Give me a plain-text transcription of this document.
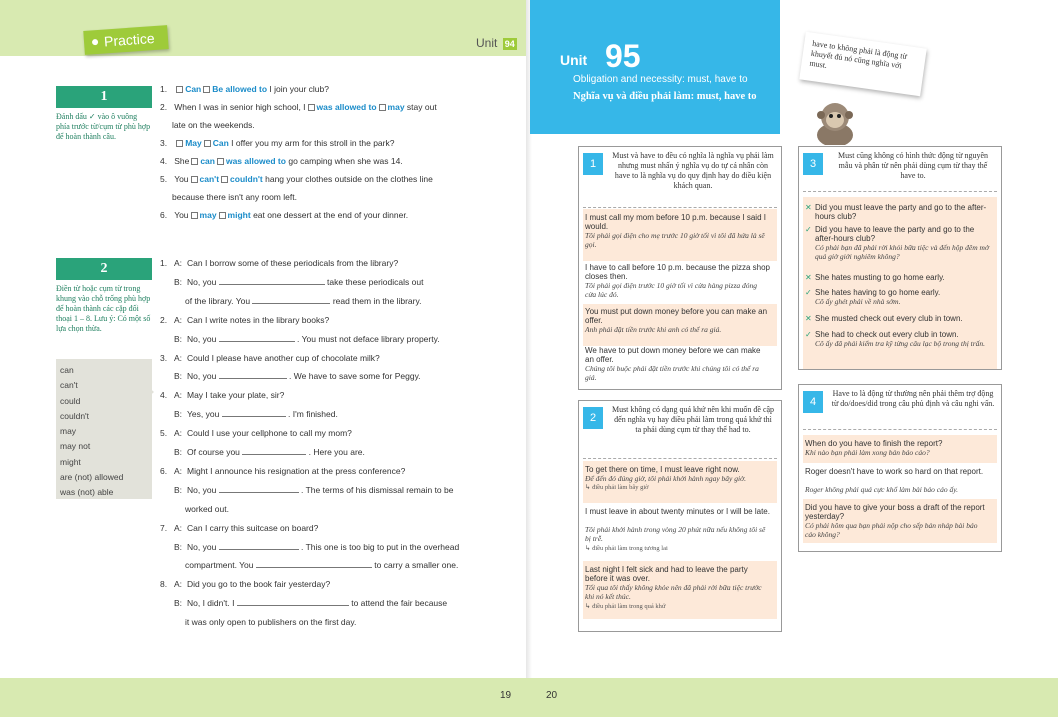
Practice	Unit 94
1
Đánh dấu ✓ vào ô vuông phía trước từ/cụm từ phù hợp để hoàn thành câu.
1. Can Be allowed to I join your club?
2. When I was in senior high school, I was allowed to may stay out
late on the weekends.
3. May Can I offer you my arm for this stroll in the park?
4. She can was allowed to go camping when she was 14.
5. You can't couldn't hang your clothes outside on the clothes line
because there isn't any room left.
6. You may might eat one dessert at the end of your dinner.
2
Điền từ hoặc cụm từ trong khung vào chỗ trống phù hợp để hoàn thành các cặp đối thoại 1 – 8. Lưu ý: Có một số lựa chọn thừa.
can
can't
could
couldn't
may
may not
might
are (not) allowed
was (not) able
1. A: Can I borrow some of these periodicals from the library?
B: No, you	take these periodicals out
of the library. You	read them in the library.
2. A: Can I write notes in the library books?
B: No, you	. You must not deface library property.
3. A: Could I please have another cup of chocolate milk?
B: No, you	. We have to save some for Peggy.
4. A: May I take your plate, sir?
B: Yes, you	. I'm finished.
5. A: Could I use your cellphone to call my mom?
B: Of course you	. Here you are.
6. A: Might I announce his resignation at the press conference?
B: No, you	. The terms of his dismissal remain to be
worked out.
7. A: Can I carry this suitcase on board?
B: No, you	. This one is too big to put in the overhead
compartment. You	to carry a smaller one.
8. A: Did you go to the book fair yesterday?
B: No, I didn't. I	to attend the fair because
it was only open to publishers on the first day.
Unit 95
Obligation and necessity: must, have to
Nghĩa vụ và điều phải làm: must, have to
have to không phải là động từ khuyết đủ nó cũng nghĩa với must.
1
Must và have to đều có nghĩa là nghĩa vụ phải làm nhưng must nhấn ý nghĩa vụ do tự cá nhân còn have to là nghĩa vụ do quy định hay do điều kiện khách quan.
I must call my mom before 10 p.m. because I said I would.
Tôi phải gọi điện cho mẹ trước 10 giờ tối vì tôi đã hứa là sẽ gọi.
I have to call before 10 p.m. because the pizza shop closes then.
Tôi phải gọi điện trước 10 giờ tối vì cửa hàng pizza đóng cửa lúc đó.
You must put down money before you can make an offer.
Anh phải đặt tiền trước khi anh có thể ra giá.
We have to put down money before we can make an offer.
Chúng tôi buộc phải đặt tiền trước khi chúng tôi có thể ra giá.
2
Must không có dạng quá khứ nên khi muốn đề cập đến nghĩa vụ hay điều phải làm trong quá khứ thì ta phải dùng cụm từ thay thế had to.
To get there on time, I must leave right now.
Để đến đó đúng giờ, tôi phải khởi hành ngay bây giờ.
↳ điều phải làm bây giờ
I must leave in about twenty minutes or I will be late.
Tôi phải khởi hành trong vòng 20 phút nữa nếu không tôi sẽ bị trễ.
↳ điều phải làm trong tương lai
Last night I felt sick and had to leave the party before it was over.
Tối qua tôi thấy không khỏe nên đã phải rời bữa tiệc trước khi nó kết thúc.
↳ điều phải làm trong quá khứ
3
Must cũng không có hình thức động từ nguyên mẫu và phân từ nên phải dùng cụm từ thay thế have to.
✕ Did you must leave the party and go to the after-hours club?
✓ Did you have to leave the party and go to the after-hours club?
Có phải bạn đã phải rời khỏi bữa tiệc và đến hộp đêm mở quá giờ giới nghiêm không?
✕ She hates musting to go home early.
✓ She hates having to go home early.
Cô ấy ghét phải về nhà sớm.
✕ She musted check out every club in town.
✓ She had to check out every club in town.
Cô ấy đã phải kiểm tra kỹ từng câu lạc bộ trong thị trấn.
4
Have to là động từ thường nên phải thêm trợ động từ do/does/did trong câu phủ định và câu nghi vấn.
When do you have to finish the report?
Khi nào bạn phải làm xong bản báo cáo?
Roger doesn't have to work so hard on that report.
Roger không phải quá cực khổ làm bài báo cáo ấy.
Did you have to give your boss a draft of the report yesterday?
Có phải hôm qua bạn phải nộp cho sếp bản nháp bài báo cáo không?
19	20
